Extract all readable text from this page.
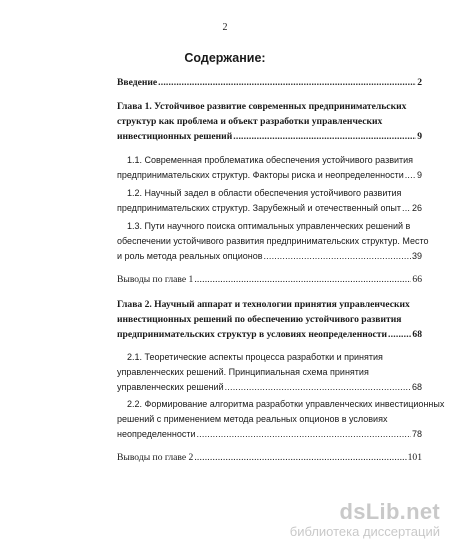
2
Содержание:
Введение .....	2
Глава 1. Устойчивое развитие современных предпринимательских
структур как проблема и объект разработки управленческих
инвестиционных решений .....	9
1.1. Современная проблематика обеспечения устойчивого развития
предпринимательских структур. Факторы риска и неопределенности ..... 9
1.2. Научный задел в области обеспечения устойчивого развития
предпринимательских структур. Зарубежный и отечественный опыт ..... 26
1.3. Пути научного поиска оптимальных управленческих решений в
обеспечении устойчивого развития предпринимательских структур. Место
и роль метода реальных опционов .....	39
Выводы по главе 1 .....	66
Глава 2. Научный аппарат и технологии принятия управленческих
инвестиционных решений по обеспечению устойчивого развития
предпринимательских структур в условиях неопределенности .....	68
2.1. Теоретические аспекты процесса разработки и принятия
управленческих решений. Принципиальная схема принятия
управленческих решений .....	68
2.2. Формирование алгоритма разработки управленческих инвестиционных
решений с применением метода реальных опционов в условиях
неопределенности .....	78
Выводы по главе 2 .....	101
dsLib.net
библиотека диссертаций
